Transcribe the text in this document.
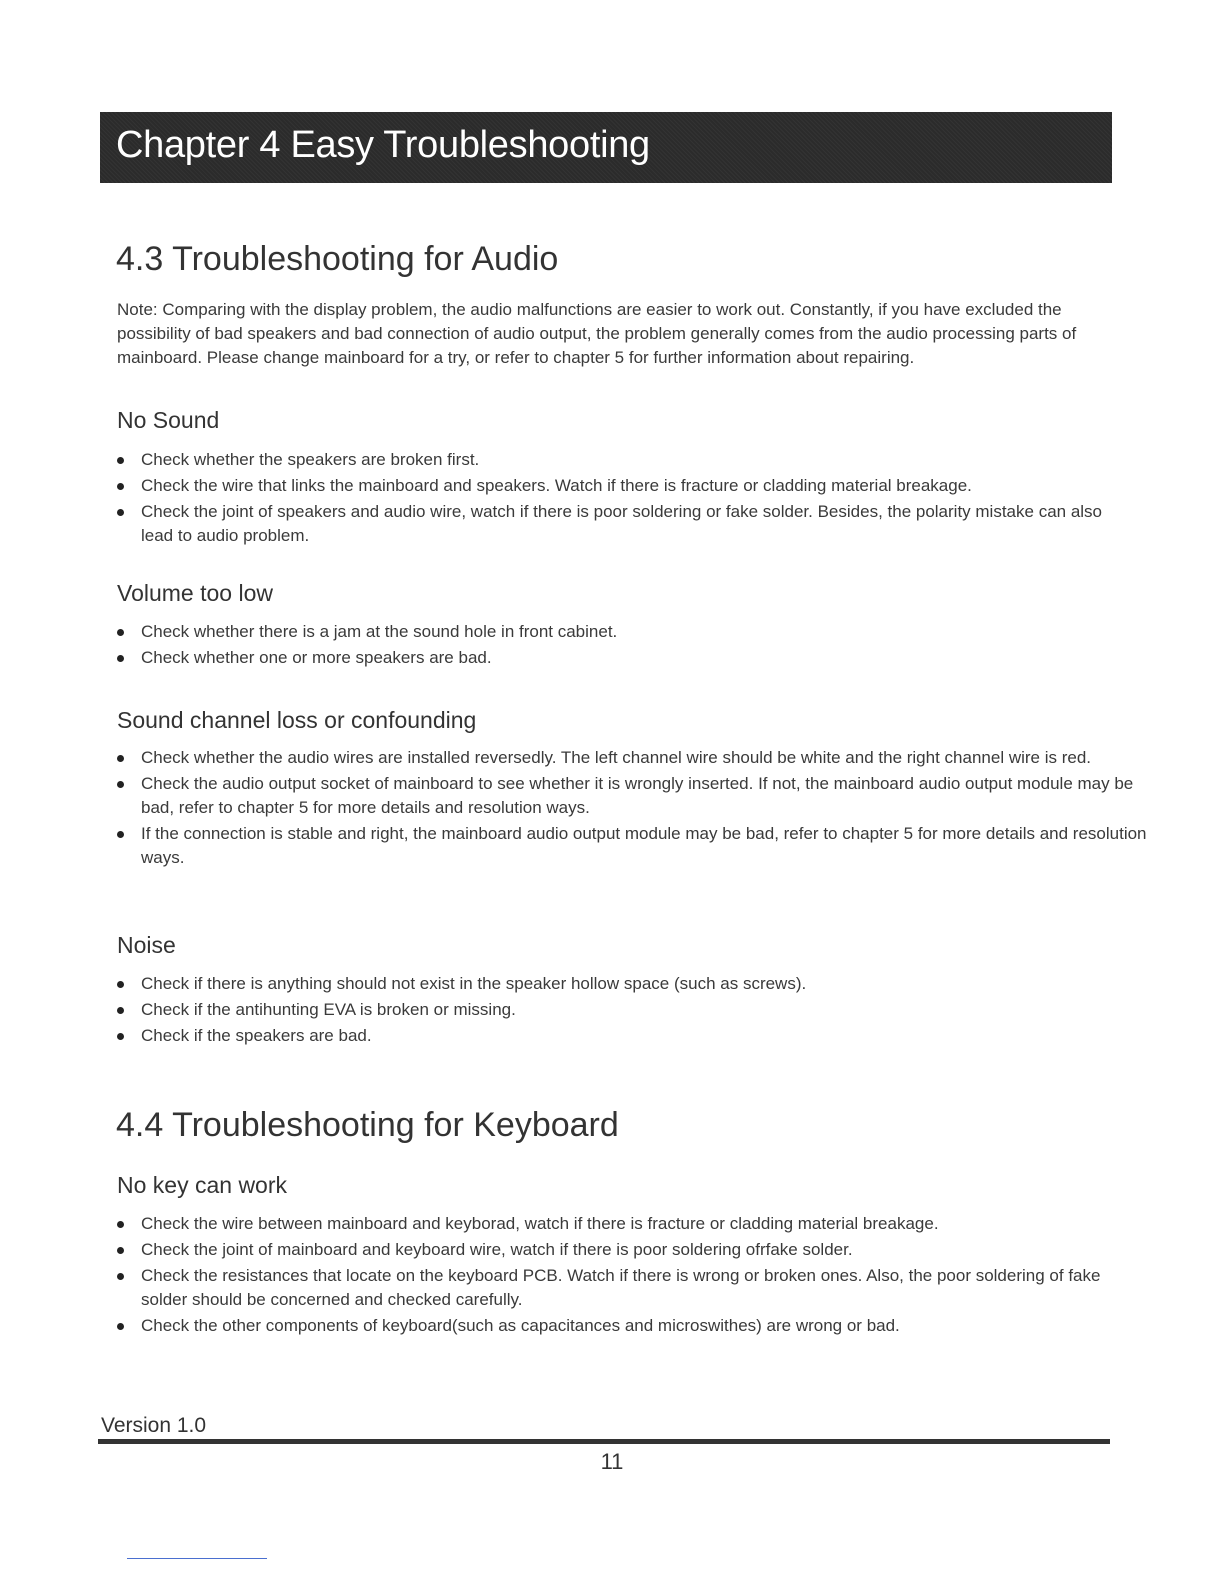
Chapter 4 Easy Troubleshooting
4.3 Troubleshooting for Audio

Note: Comparing with the display problem, the audio malfunctions are easier to work out. Constantly, if you have excluded the possibility of bad speakers and bad connection of audio output, the problem generally comes from the audio processing parts of mainboard. Please change mainboard for a try, or refer to chapter 5 for further information about repairing.

No Sound
Check whether the speakers are broken first.
Check the wire that links the mainboard and speakers. Watch if there is fracture or cladding material breakage.
Check the joint of speakers and audio wire, watch if there is poor soldering or fake solder. Besides, the polarity mistake can also lead to audio problem.
Volume too low
Check whether there is a jam at the sound hole in front cabinet.
Check whether one or more speakers are bad.
Sound channel loss or confounding
Check whether the audio wires are installed reversedly. The left channel wire should be white and the right channel wire is red.
Check the audio output socket of mainboard to see whether it is wrongly inserted. If not, the mainboard audio output module may be bad, refer to chapter 5 for more details and resolution ways.
If the connection is stable and right, the mainboard audio output module may be bad, refer to chapter 5 for more details and resolution ways.
Noise
Check if there is anything should not exist in the speaker hollow space (such as screws).
Check if the antihunting EVA is broken or missing.
Check if the speakers are bad.
4.4 Troubleshooting for Keyboard
No key can work
Check the wire between mainboard and keyborad, watch if there is fracture or cladding material breakage.
Check the joint of mainboard and keyboard wire, watch if there is poor soldering ofrfake solder.
Check the resistances that locate on the keyboard PCB. Watch if there is wrong or broken ones. Also, the poor soldering of fake solder should be concerned and checked carefully.
Check the other components of keyboard(such as capacitances and microswithes) are wrong or bad.

Version 1.0

11
